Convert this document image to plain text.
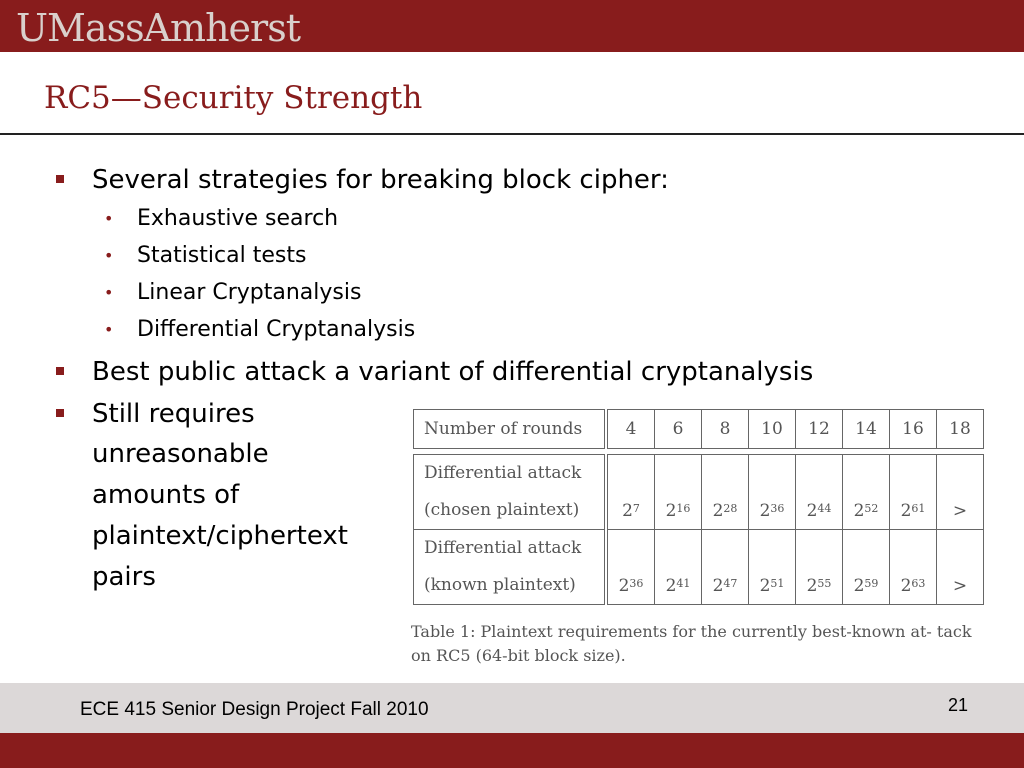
UMassAmherst
RC5—Security Strength
Several strategies for breaking block cipher:
• Exhaustive search
• Statistical tests
• Linear Cryptanalysis
• Differential Cryptanalysis
Best public attack a variant of differential cryptanalysis
Still requires
unreasonable
amounts of
plaintext/ciphertext
pairs
Number of rounds	4	6	8	10	12	14	16	18

Differential attack
(chosen plaintext)	$2^7$	$2^{16}$	$2^{28}$	$2^{36}$	$2^{44}$	$2^{52}$	$2^{61}$	>

Differential attack
(known plaintext)	$2^{36}$	$2^{41}$	$2^{47}$	$2^{51}$	$2^{55}$	$2^{59}$	$2^{63}$	>
Table 1: Plaintext requirements for the currently best-known at- tack on RC5 (64-bit block size).
ECE 415 Senior Design Project Fall 2010	21
